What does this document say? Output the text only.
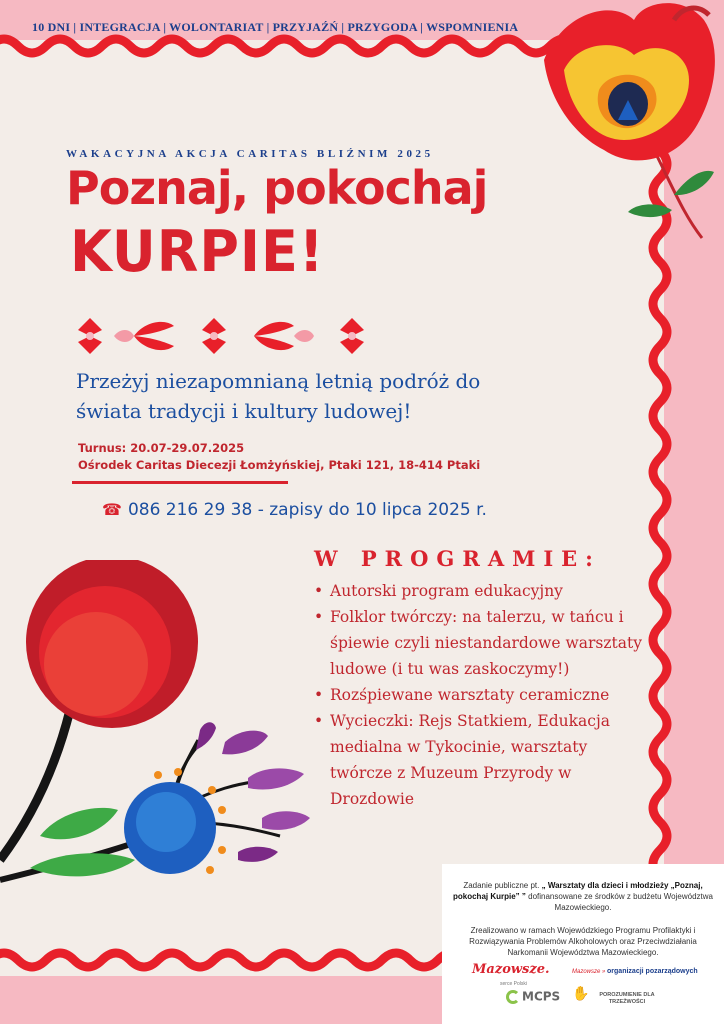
10 DNI | INTEGRACJA | WOLONTARIAT | PRZYJAŹŃ | PRZYGODA | WSPOMNIENIA
WAKACYJNA AKCJA CARITAS BLIŹNIM 2025
Poznaj, pokochaj
KURPIE!
Przeżyj niezapomnianą letnią podróż do świata tradycji i kultury ludowej!
Turnus: 20.07-29.07.2025
Ośrodek Caritas Diecezji Łomżyńskiej, Ptaki 121, 18-414 Ptaki
☎ 086 216 29 38 - zapisy do 10 lipca 2025 r.
W PROGRAMIE:
• Autorski program edukacyjny
• Folklor twórczy: na talerzu, w tańcu i śpiewie czyli niestandardowe warsztaty ludowe (i tu was zaskoczymy!)
• Rozśpiewane warsztaty ceramiczne
• Wycieczki: Rejs Statkiem, Edukacja medialna w Tykocinie, warsztaty twórcze z Muzeum Przyrody w Drozdowie
Zadanie publiczne pt. „ Warsztaty dla dzieci i młodzieży „Poznaj, pokochaj Kurpie” ” dofinansowane ze środków z budżetu Województwa Mazowieckiego.
Zrealizowano w ramach Wojewódzkiego Programu Profilaktyki i Rozwiązywania Problemów Alkoholowych oraz Przeciwdziałania Narkomanii Województwa Mazowieckiego.
Mazowsze.
serce Polski
Mazowsze » organizacji pozarządowych
MCPS ✋ POROZUMIENIE DLA TRZEŹWOŚCI
